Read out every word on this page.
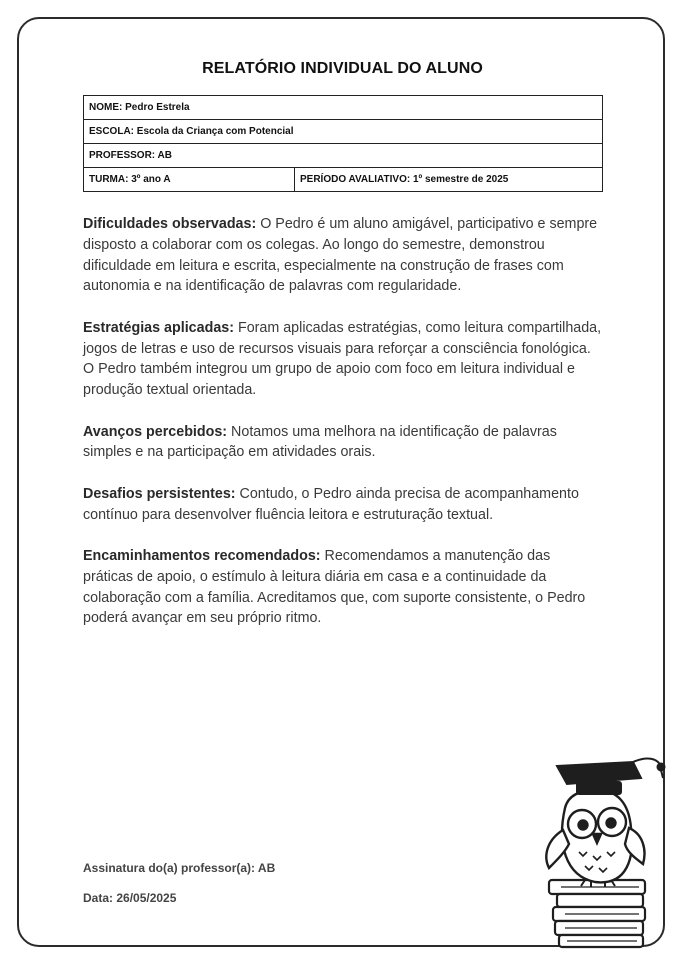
RELATÓRIO INDIVIDUAL DO ALUNO
NOME: Pedro Estrela
ESCOLA: Escola da Criança com Potencial
PROFESSOR: AB
TURMA: 3º ano A	PERÍODO AVALIATIVO: 1º semestre de 2025

Dificuldades observadas: O Pedro é um aluno amigável, participativo e sempre disposto a colaborar com os colegas. Ao longo do semestre, demonstrou dificuldade em leitura e escrita, especialmente na construção de frases com autonomia e na identificação de palavras com regularidade.

Estratégias aplicadas: Foram aplicadas estratégias, como leitura compartilhada, jogos de letras e uso de recursos visuais para reforçar a consciência fonológica. O Pedro também integrou um grupo de apoio com foco em leitura individual e produção textual orientada.

Avanços percebidos: Notamos uma melhora na identificação de palavras simples e na participação em atividades orais.

Desafios persistentes: Contudo, o Pedro ainda precisa de acompanhamento contínuo para desenvolver fluência leitora e estruturação textual.

Encaminhamentos recomendados: Recomendamos a manutenção das práticas de apoio, o estímulo à leitura diária em casa e a continuidade da colaboração com a família. Acreditamos que, com suporte consistente, o Pedro poderá avançar em seu próprio ritmo.

Assinatura do(a) professor(a): AB
Data: 26/05/2025
